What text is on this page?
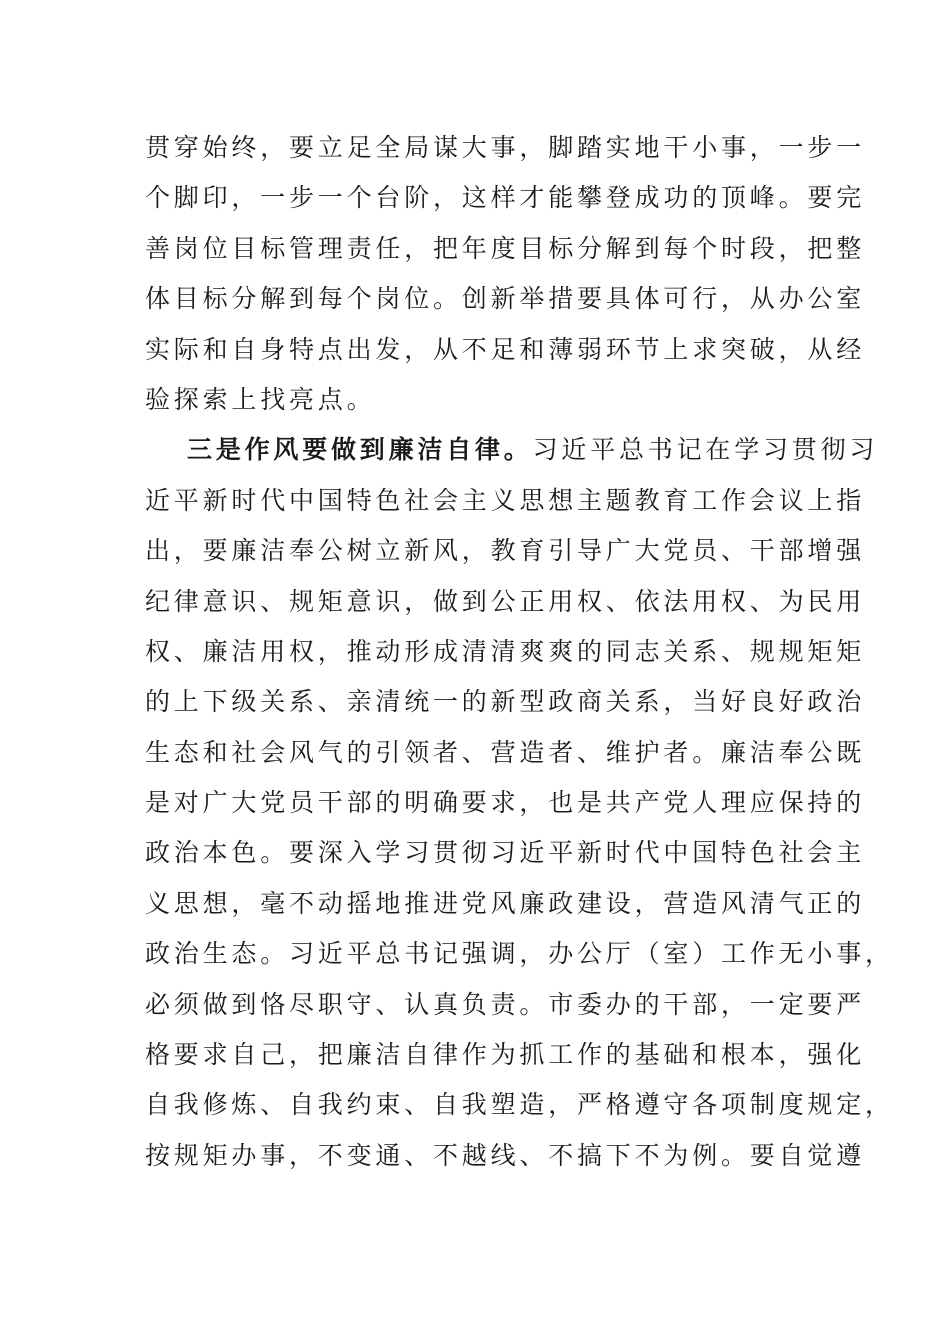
贯穿始终，要立足全局谋大事，脚踏实地干小事，一步一
个脚印，一步一个台阶，这样才能攀登成功的顶峰。要完
善岗位目标管理责任，把年度目标分解到每个时段，把整
体目标分解到每个岗位。创新举措要具体可行，从办公室
实际和自身特点出发，从不足和薄弱环节上求突破，从经
验探索上找亮点。
三是作风要做到廉洁自律。习近平总书记在学习贯彻习
近平新时代中国特色社会主义思想主题教育工作会议上指
出，要廉洁奉公树立新风，教育引导广大党员、干部增强
纪律意识、规矩意识，做到公正用权、依法用权、为民用
权、廉洁用权，推动形成清清爽爽的同志关系、规规矩矩
的上下级关系、亲清统一的新型政商关系，当好良好政治
生态和社会风气的引领者、营造者、维护者。廉洁奉公既
是对广大党员干部的明确要求，也是共产党人理应保持的
政治本色。要深入学习贯彻习近平新时代中国特色社会主
义思想，毫不动摇地推进党风廉政建设，营造风清气正的
政治生态。习近平总书记强调，办公厅（室）工作无小事，
必须做到恪尽职守、认真负责。市委办的干部，一定要严
格要求自己，把廉洁自律作为抓工作的基础和根本，强化
自我修炼、自我约束、自我塑造，严格遵守各项制度规定，
按规矩办事，不变通、不越线、不搞下不为例。要自觉遵
